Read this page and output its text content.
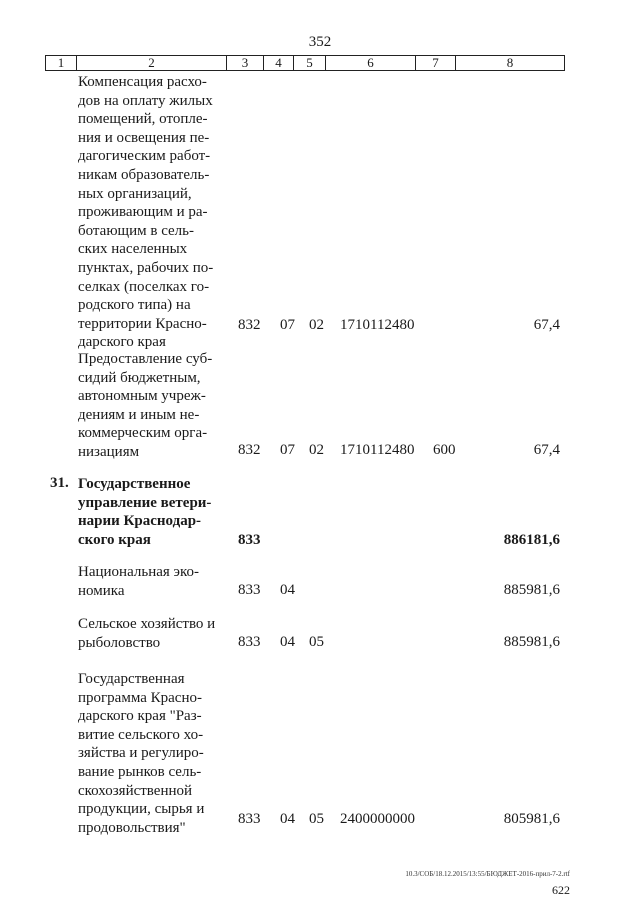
352
1	2	3	4	5	6	7	8
Компенсация расхо-
дов на оплату жилых
помещений, отопле-
ния и освещения пе-
дагогическим работ-
никам образователь-
ных организаций,
проживающим и ра-
ботающим в сель-
ских населенных
пунктах, рабочих по-
селках (поселках го-
родского типа) на
территории Красно-
дарского края
832 07 02 1710112480	67,4
Предоставление суб-
сидий бюджетным,
автономным учреж-
дениям и иным не-
коммерческим орга-
низациям	832 07 02 1710112480 600	67,4
31. Государственное
управление ветери-
нарии Краснодар-
ского края	833	886181,6
Национальная эко-
номика	833 04	885981,6
Сельское хозяйство и
рыболовство	833 04 05	885981,6
Государственная
программа Красно-
дарского края "Раз-
витие сельского хо-
зяйства и регулиро-
вание рынков сель-
скохозяйственной
продукции, сырья и
продовольствия"
833 04 05 2400000000	805981,6
10.3/СОБ/18.12.2015/13:55/БЮДЖЕТ-2016-прил-7-2.rtf
622
